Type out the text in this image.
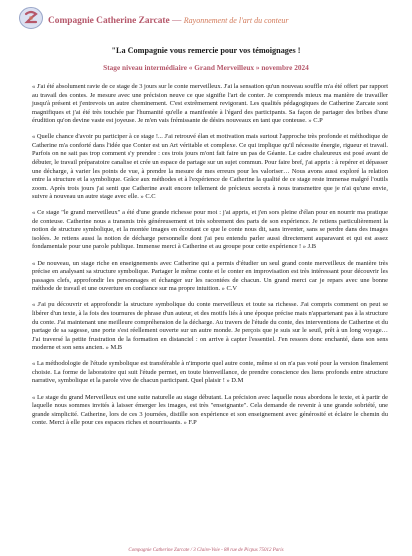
Compagnie Catherine Zarcate — Rayonnement de l'art du conteur
"La Compagnie vous remercie pour vos témoignages !
Stage niveau intermédiaire « Grand Merveilleux » novembre 2024

« J'ai été absolument ravie de ce stage de 3 jours sur le conte merveilleux. J'ai la sensation qu'un nouveau souffle m'a été offert par rapport au travail des contes. Je mesure avec une précision neuve ce que signifie l'art de conter. Je comprends mieux ma manière de travailler jusqu'à présent et j'entrevois un autre cheminement. C'est extrêmement revigorant. Les qualités pédagogiques de Catherine Zarcate sont magnifiques et j'ai été très touchée par l'humanité qu'elle a manifestée à l'égard des participants. Sa façon de partager des bribes d'une érudition qu'on devine vaste est joyeuse. Je m'en vais frémissante de désirs nouveaux en tant que conteuse. » C.P

« Quelle chance d'avoir pu participer à ce stage !... J'ai retrouvé élan et motivation mais surtout l'approche très profonde et méthodique de Catherine m'a conforté dans l'idée que Conter est un Art véritable et complexe. Ce qui implique qu'il nécessite énergie, rigueur et travail. Parfois on ne sait pas trop comment s'y prendre : ces trois jours m'ont fait faire un pas de Géante. Le cadre chaleureux est posé avant de débuter, le travail préparatoire canalise et crée un espace de partage sur un sujet commun. Pour faire bref, j'ai appris : à repérer et dépasser une décharge, à varier les points de vue, à prendre la mesure de mes erreurs pour les valoriser… Nous avons aussi exploré la relation entre la structure et la symbolique. Grâce aux méthodes et à l'expérience de Catherine la qualité de ce stage reste immense malgré l'outils zoom. Après trois jours j'ai senti que Catherine avait encore tellement de précieux secrets à nous transmettre que je n'ai qu'une envie, suivre à nouveau un autre stage avec elle. » C.C

« Ce stage "le grand merveilleux" a été d'une grande richesse pour moi : j'ai appris, et j'en sors pleine d'élan pour en nourrir ma pratique de conteuse. Catherine nous a transmis très généreusement et très sobrement des parts de son expérience. Je retiens particulièrement la notion de structure symbolique, et la montée images en écoutant ce que le conte nous dit, sans inventer, sans se perdre dans des images isolées. Je retiens aussi la notion de décharge personnelle dont j'ai peu entendu parler aussi directement auparavant et qui est assez fondamentale pour une parole publique. Immense merci à Catherine et au groupe pour cette expérience ! » J.B

« De nouveau, un stage riche en enseignements avec Catherine qui a permis d'étudier un seul grand conte merveilleux de manière très précise en analysant sa structure symbolique. Partager le même conte et le conter en improvisation est très intéressant pour découvrir les passages clefs, approfondir les personnages et échanger sur les racontées de chacun. Un grand merci car je repars avec une bonne méthode de travail et une ouverture en confiance sur ma propre intuition. » C.V

« J'ai pu découvrir et approfondir la structure symbolique du conte merveilleux et toute sa richesse. J'ai compris comment on peut se libérer d'un texte, à la fois des tournures de phrase d'un auteur, et des motifs liés à une époque précise mais n'appartenant pas à la structure du conte. J'ai maintenant une meilleure compréhension de la décharge. Au travers de l'étude du conte, des interventions de Catherine et du partage de sa sagesse, une porte s'est réellement ouverte sur un autre monde. Je perçois que je suis sur le seuil, prêt à un long voyage… J'ai traversé la petite frustration de la formation en distanciel : on arrive à capter l'essentiel. J'en ressors donc enchanté, dans son sens moderne et son sens ancien. » M.B

« La méthodologie de l'étude symbolique est transférable à n'importe quel autre conte, même si on n'a pas voté pour la version finalement choisie. La forme de laboratoire qui suit l'étude permet, en toute bienveillance, de prendre conscience des liens profonds entre structure narrative, symbolique et la parole vive de chacun participant. Quel plaisir ! » D.M

« Le stage du grand Merveilleux est une suite naturelle au stage débutant. La précision avec laquelle nous abordons le texte, et à partir de laquelle nous sommes invités à laisser émerger les images, est très "enseignante". Cela demande de revenir à une grande sobriété, une grande simplicité. Catherine, lors de ces 3 journées, distille son expérience et son enseignement avec générosité et éclaire le chemin du conte. Merci à elle pour ces espaces riches et nourrissants. » F.P

Compagnie Catherine Zarcate / 3 Claire-Voie - 88 rue de Picpus 75012 Paris
